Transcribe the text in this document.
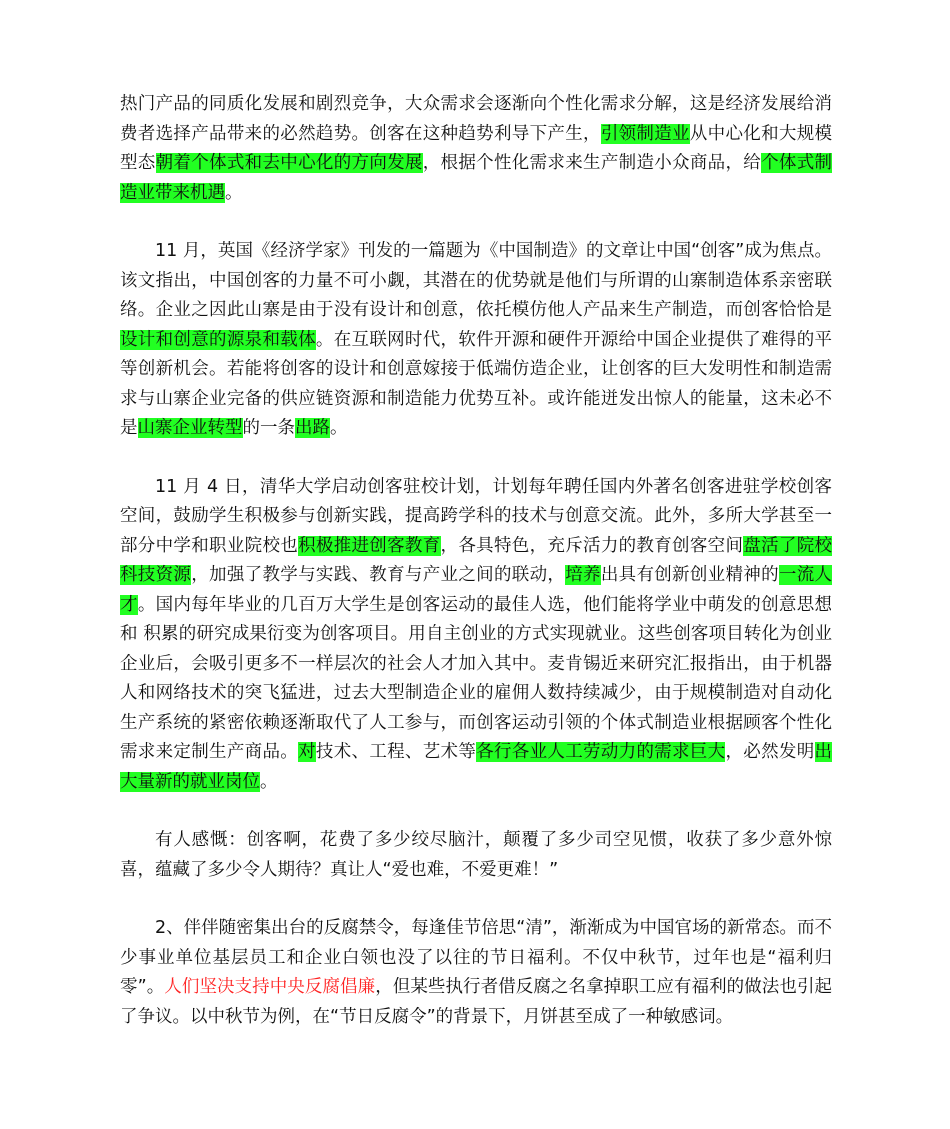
热门产品的同质化发展和剧烈竞争，大众需求会逐渐向个性化需求分解，这是经济发展给消费者选择产品带来的必然趋势。创客在这种趋势利导下产生，引领制造业从中心化和大规模型态朝着个体式和去中心化的方向发展，根据个性化需求来生产制造小众商品，给个体式制造业带来机遇。

11 月，英国《经济学家》刊发的一篇题为《中国制造》的文章让中国“创客”成为焦点。该文指出，中国创客的力量不可小觑，其潜在的优势就是他们与所谓的山寨制造体系亲密联络。企业之因此山寨是由于没有设计和创意，依托模仿他人产品来生产制造，而创客恰恰是设计和创意的源泉和载体。在互联网时代，软件开源和硬件开源给中国企业提供了难得的平等创新机会。若能将创客的设计和创意嫁接于低端仿造企业，让创客的巨大发明性和制造需求与山寨企业完备的供应链资源和制造能力优势互补。或许能迸发出惊人的能量，这未必不是山寨企业转型的一条出路。

11 月 4 日，清华大学启动创客驻校计划，计划每年聘任国内外著名创客进驻学校创客空间，鼓励学生积极参与创新实践，提高跨学科的技术与创意交流。此外，多所大学甚至一部分中学和职业院校也积极推进创客教育，各具特色，充斥活力的教育创客空间盘活了院校科技资源，加强了教学与实践、教育与产业之间的联动，培养出具有创新创业精神的一流人才。国内每年毕业的几百万大学生是创客运动的最佳人选，他们能将学业中萌发的创意思想和 积累的研究成果衍变为创客项目。用自主创业的方式实现就业。这些创客项目转化为创业企业后，会吸引更多不一样层次的社会人才加入其中。麦肯锡近来研究汇报指出，由于机器人和网络技术的突飞猛进，过去大型制造企业的雇佣人数持续减少，由于规模制造对自动化生产系统的紧密依赖逐渐取代了人工参与，而创客运动引领的个体式制造业根据顾客个性化需求来定制生产商品。对技术、工程、艺术等各行各业人工劳动力的需求巨大，必然发明出大量新的就业岗位。

有人感慨：创客啊，花费了多少绞尽脑汁，颠覆了多少司空见惯，收获了多少意外惊喜，蕴藏了多少令人期待？真让人“爱也难，不爱更难！”

2、伴伴随密集出台的反腐禁令，每逢佳节倍思“清”，渐渐成为中国官场的新常态。而不少事业单位基层员工和企业白领也没了以往的节日福利。不仅中秋节，过年也是“福利归零”。人们坚决支持中央反腐倡廉，但某些执行者借反腐之名拿掉职工应有福利的做法也引起了争议。以中秋节为例，在“节日反腐令”的背景下，月饼甚至成了一种敏感词。
